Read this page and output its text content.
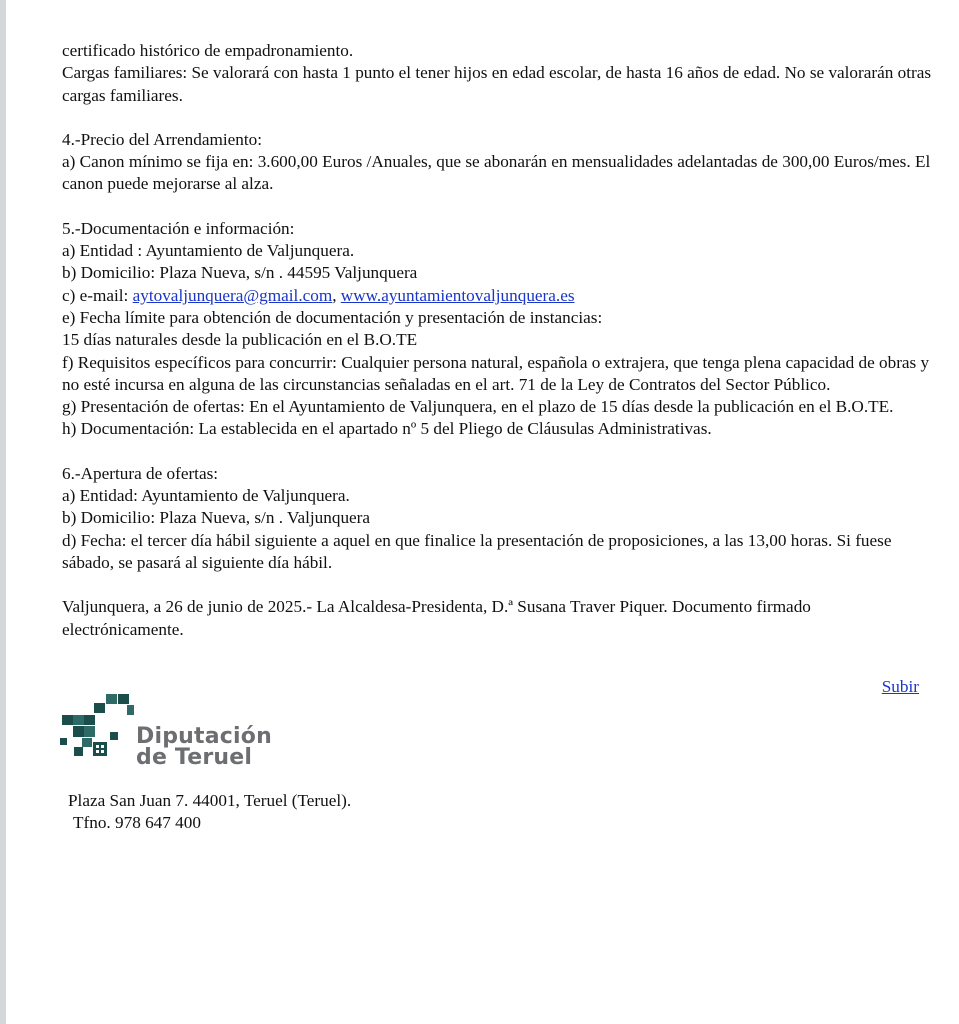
certificado histórico de empadronamiento.

Cargas familiares: Se valorará con hasta 1 punto el tener hijos en edad escolar, de hasta 16 años de edad. No se valorarán otras cargas familiares.

4.-Precio del Arrendamiento:

a) Canon mínimo se fija en: 3.600,00 Euros /Anuales, que se abonarán en mensualidades adelantadas de 300,00 Euros/mes. El canon puede mejorarse al alza.

5.-Documentación e información:

a) Entidad : Ayuntamiento de Valjunquera.

b) Domicilio: Plaza Nueva, s/n . 44595 Valjunquera

c) e-mail: aytovaljunquera@gmail.com, www.ayuntamientovaljunquera.es

e) Fecha límite para obtención de documentación y presentación de instancias:

15 días naturales desde la publicación en el B.O.TE

f) Requisitos específicos para concurrir: Cualquier persona natural, española o extrajera, que tenga plena capacidad de obras y no esté incursa en alguna de las circunstancias señaladas en el art. 71 de la Ley de Contratos del Sector Público.

g) Presentación de ofertas: En el Ayuntamiento de Valjunquera, en el plazo de 15 días desde la publicación en el B.O.TE.

h) Documentación: La establecida en el apartado nº 5 del Pliego de Cláusulas Administrativas.

6.-Apertura de ofertas:

a) Entidad: Ayuntamiento de Valjunquera.

b) Domicilio: Plaza Nueva, s/n . Valjunquera

d) Fecha: el tercer día hábil siguiente a aquel en que finalice la presentación de proposiciones, a las 13,00 horas. Si fuese sábado, se pasará al siguiente día hábil.

Valjunquera, a 26 de junio de 2025.- La Alcaldesa-Presidenta, D.ª Susana Traver Piquer. Documento firmado electrónicamente.

Subir
Diputación
de Teruel

Plaza San Juan 7. 44001, Teruel (Teruel).

Tfno. 978 647 400
